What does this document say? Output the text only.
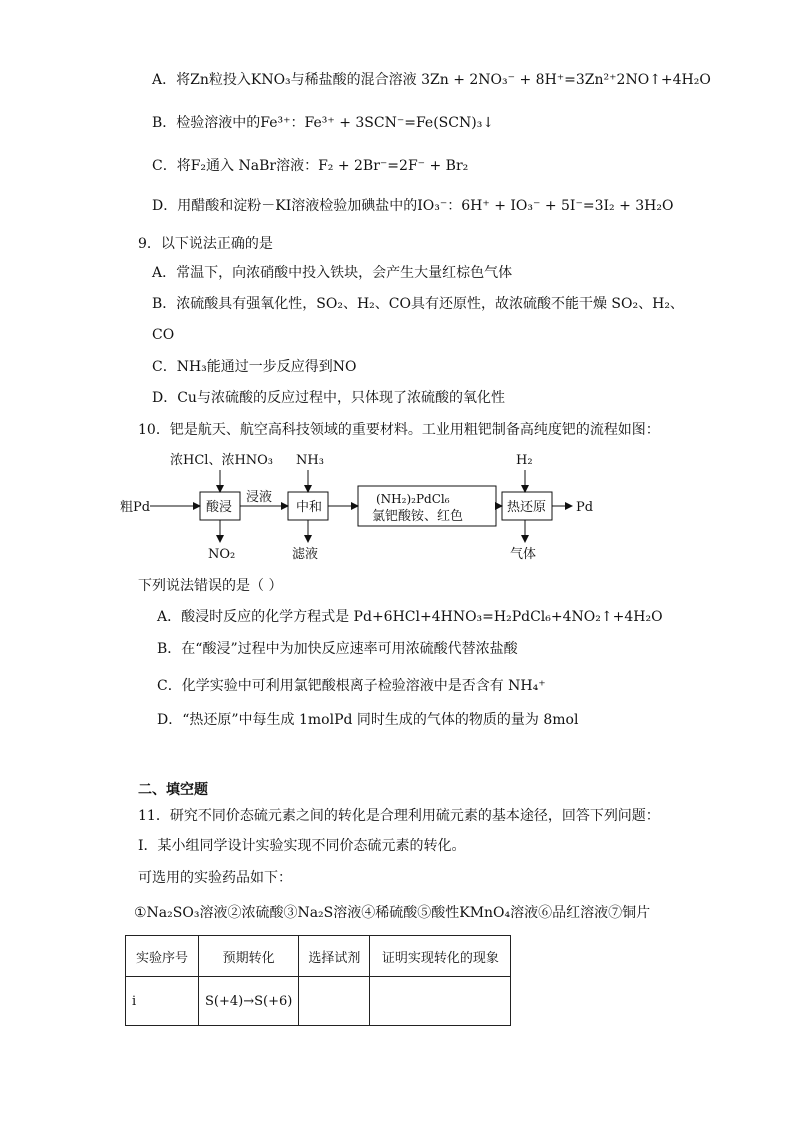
A．将Zn粒投入KNO₃与稀盐酸的混合溶液 3Zn + 2NO₃⁻ + 8H⁺=3Zn²⁺2NO↑+4H₂O
B．检验溶液中的Fe³⁺：Fe³⁺ + 3SCN⁻=Fe(SCN)₃↓
C．将F₂通入 NaBr溶液：F₂ + 2Br⁻=2F⁻ + Br₂
D．用醋酸和淀粉－KI溶液检验加碘盐中的IO₃⁻：6H⁺ + IO₃⁻ + 5I⁻=3I₂ + 3H₂O
9．以下说法正确的是
A．常温下，向浓硝酸中投入铁块，会产生大量红棕色气体
B．浓硫酸具有强氧化性，SO₂、H₂、CO具有还原性，故浓硫酸不能干燥 SO₂、H₂、
CO
C．NH₃能通过一步反应得到NO
D．Cu与浓硫酸的反应过程中，只体现了浓硫酸的氧化性
10．钯是航天、航空高科技领域的重要材料。工业用粗钯制备高纯度钯的流程如图：
浓HCl、浓HNO₃ NH₃	H₂
粗Pd	酸浸
浸液
中和
(NH₂)₂PdCl₆
氯钯酸铵、红色
热还原 Pd
NO₂	滤液	气体
下列说法错误的是（ ）
A．酸浸时反应的化学方程式是 Pd+6HCl+4HNO₃=H₂PdCl₆+4NO₂↑+4H₂O
B．在“酸浸”过程中为加快反应速率可用浓硫酸代替浓盐酸
C．化学实验中可利用氯钯酸根离子检验溶液中是否含有 NH₄⁺
D．“热还原”中每生成 1molPd 同时生成的气体的物质的量为 8mol
二、填空题
11．研究不同价态硫元素之间的转化是合理利用硫元素的基本途径，回答下列问题：
I．某小组同学设计实验实现不同价态硫元素的转化。
可选用的实验药品如下：
①Na₂SO₃溶液②浓硫酸③Na₂S溶液④稀硫酸⑤酸性KMnO₄溶液⑥品红溶液⑦铜片
实验序号	预期转化	选择试剂	证明实现转化的现象
i	S(+4)→S(+6)		
